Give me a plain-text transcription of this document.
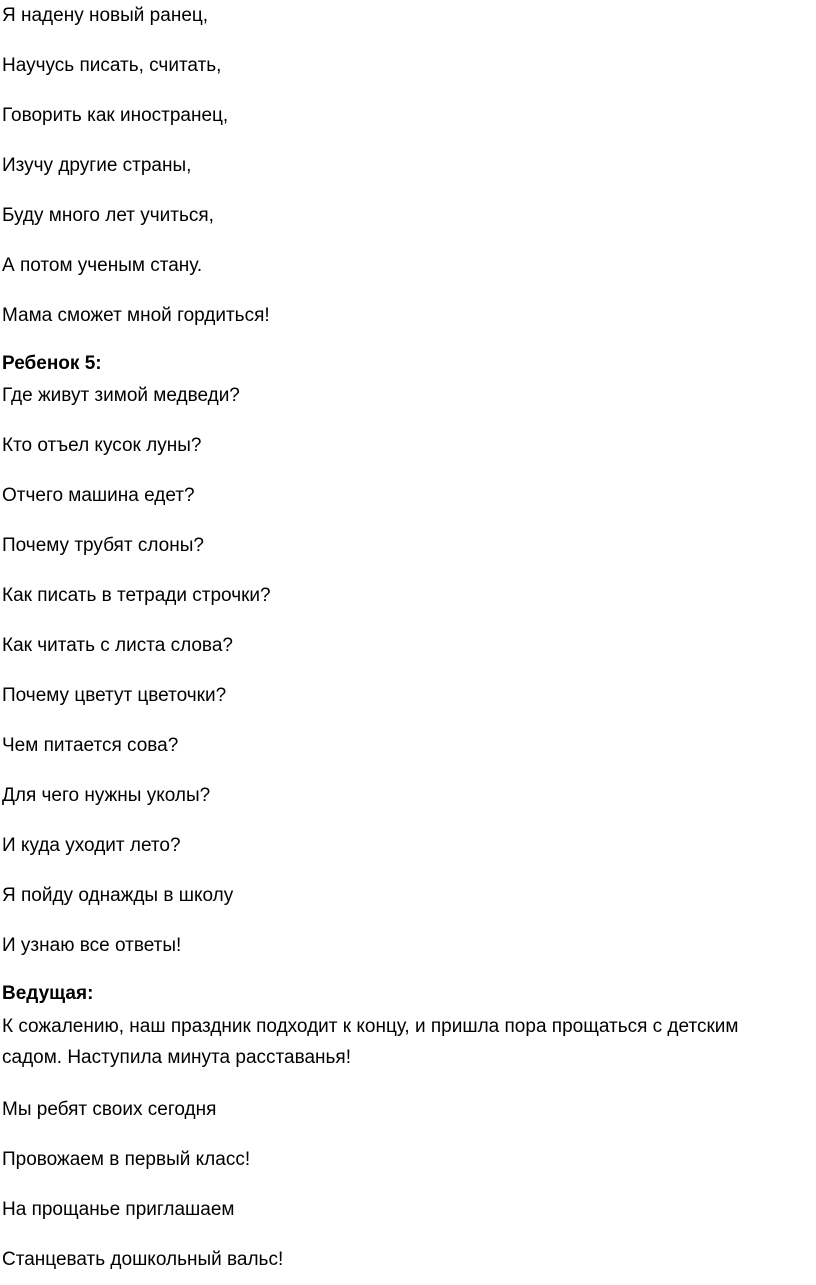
Я надену новый ранец,

Научусь писать, считать,

Говорить как иностранец,

Изучу другие страны,

Буду много лет учиться,

А потом ученым стану.

Мама сможет мной гордиться!

Ребенок 5:

Где живут зимой медведи?

Кто отъел кусок луны?

Отчего машина едет?

Почему трубят слоны?

Как писать в тетради строчки?

Как читать с листа слова?

Почему цветут цветочки?

Чем питается сова?

Для чего нужны уколы?

И куда уходит лето?

Я пойду однажды в школу

И узнаю все ответы!

Ведущая:

К сожалению, наш праздник подходит к концу, и пришла пора прощаться с детским садом. Наступила минута расставанья!

Мы ребят своих сегодня

Провожаем в первый класс!

На прощанье приглашаем

Станцевать дошкольный вальс!
